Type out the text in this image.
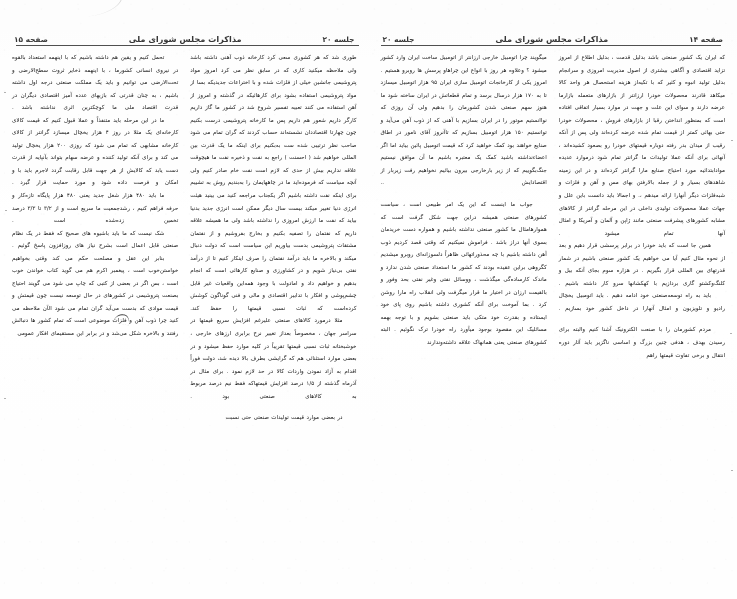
جلسه ۲۰
مذاکرات مجلس شورای ملی
صفحه ۱۵

تحمل کنیم و یقین هم داشته باشیم که با اینهمه استعداد بالقوه در نیروی انسانی کشورما ، با اینهمه ذخایر ثروت سطح‌الارضی و تحت‌الارضی می توانیم و باید یک مملکت صنعتی درجه اول داشته باشیم ، به چنان قدرتی که بازیهای عدده آمیز اقتصادی دیگران در قدرت اقتصاد ملی ما کوچکترین اثری نداشته باشد .

ما در این مرحله باید متنفذاً و عملا قبول کنیم که قیمت کالای کارخانه‌ای یک مثلا در روز ۴ هزار یخچال میسازد گرانتر از کالای کارخانه مشابهی که تمام می شود که روزی ۲۰۰ هزار یخچال تولید می کند و برای آنکه تولید کننده و عرضه سهام بتواند بآنپایه از قدرت دست یابد که کالایش از هر جهت قابل رقابت گردد لاجرم باید با و امکان و فرصت داده شود و مورد حمایت قرار گیرد .

ما باید ۴۸۰ هزار شغل جدید یعنی ۴۸۰ هزار پایگاه تازه‌کار و حرفه فراهم کنیم ، رشدجمعیت ما سریع است و از ۳/۲ تا ۳/۳ درصد تخمین زده‌شده است .

شک نیست که ما باید باشیوه های صحیح که فقط در یک نظام صنعتی قابل اعمال است بشرح نیاز های روزافزون پاسخ گوئیم .

بنابر این عقل و مصلحت حکم می کند وقتی بخواهیم خواستن‌خوب است ، پیغمبر اکرم هم می گوید کتاب خواندن خوب است ، بس اگر در بعضی از کتبی که چاپ می شود می گویند احتیاج بصنعت پتروشیمی در کشورهای در حال توسعه نیست چون قیمتش و قیمت موادی که بدست می‌آید گران تمام می شود الآن ملاحظه می کنید چرا ذوب آهن و فلزات موضوعی است که تمام کشور ها دنبالش رفتند و بالاخره شکل می‌شد و در برابر این مستقیمای افکار عمومی

طوری شد که هر کشوری سعی کرد کارخانه ذوب آهنی داشته باشد ولی ملاحظه میکنید کاری که در سابق نظر می کرد امروز مواد پتروشیمی جانشین خیلی از فلزات شده و با اختراعات جدیدیکه بسا از مواد پتروشیمی استفاده بشود برای کارهائیکه در گذشته و امروز از آهن استفاده می کنند تعبیه تفسیر شروع شد در کشور ما گاز داریم کارگر داریم شعور هم داریم پس ما کارخانه پتروشیمی درست بکنیم چون چهارتا اقتصاددان نشسته‌اند حساب کردند که گران تمام می شود صاحب نظر ترتیبی شده ست به‌بکنیم برای اینکه ما یک قدرت بین المللی خواهیم شد ( احسنت ) راجع به نفت و ذخیره نفت ما هیچوقت علاقه نداریم بیش از حدی که لازم است نفت خام صادر کنیم ولی آنچه سیاست که فرموده‌اید ما در چاههایمان را به‌بندیم روش به تشییم برای اینکه نفت داشته باشیم اگر یکجناب مراجعه کنید می بینید هیئت انرژی دنیا تغییر میکند بیست سال دیگر ممکن است انرژی جدید بدنیا بیاید که نفت ما ارزش امروزی را نداشته باشد ولی ما همیشه علاقه داریم که نفتمان را تصفیه بکنیم و بخارج بفروشیم و از نفتمان مشتقات پتروشیمی بدست بیاوریم این سیاست است که دولت دنبال میکند و بالاخره ما باید درآمد نفتمان را صرف اینکار کنیم تا از درآمد نفتی بی‌نیاز شویم و در کشاورزی و صنایع کارهائی است که انجام بدهیم و خواهیم داد و امادولت با وجود همه‌این واقعیات غیر قابل چشم‌پوشی و افکار با تدابیر اقتصادی و مالی و فنی گوناگون کوشش کرده‌است که ثبات نسبی قیمتها را حفظ کند.

مثلا درمورد کالاهای صنعتی علیرغم افزایش سریع قیمتها در سراسر جهان ، مخصوصاً بعداز تغییر نرخ برابری ارزهای خارجی ، خوشبختانه ثبات نسبی قیمتها تقریباً در کلیه موارد حفظ میشود و در بعضی موارد استثنائی هم که گرایشی بطرف بالا دیده شد، دولت فوراً اقدام به آزاد نمودن واردات کالا در حد لازم نمود . برای مثال در آذرماه گذشته از ۱/۵ درصد افزایش قیمتهاکه فقط نیم درصد مربوط به کالاهای صنعتی بود .

در بعضی موارد قیمت تولیدات صنعتی حتی نسبت

صفحه ۱۴
مذاکرات مجلس شورای ملی
جلسه ۲۰

میگویند چرا اتومبیل خارجی ارزانتر از اتومبیل ساخت ایران وارد کشور میشود ؟ وعلاوه هر روز با انواع این چراهاو پرسش ها روبرو هستیم . امروز یکی از کارخانجات اتومبیل سازی ایران ۹۵ هزار اتومبیل میسازد تا به ۱۷۰ هزار درسال برسد و تمام قطعاتش در ایران ساخته شود ما هنوز سهم صنعتی شدن کشورمان را بدهیم ولی آن روزی که نواانستیم موتور را در ایران بسازیم با آهنی که از ذوب آهن می‌آید و توانستیم ۱۵۰ هزار اتومبیل بسازیم که تاآنروز آقای نامور در اطاق صنایع خواهند بود کمک خواهید کرد که قیمت اتومبیل پائین بیاید اما اگر اعضاءنداشته باشید کمک یک معتبره باشیم ما آن موافق نیستیم جنگ‌بگوییم که از زیر بارخارجی بیرون بیائیم نخواهیم رفت زیربار از اقتصادایش ..

جواب ما اینست که این یک امر طبیعی است ، سیاست کشورهای صنعتی همیشه دراین جهت شکل گرفت است که هموارهامثال ما کشور صنعتی نداشته باشیم و همواره دست خریدمان بسوی آنها دراز باشد . فراموش نمیکنیم که وقتی قصد کردیم ذوب آهن داشته باشیم با چه محذوراتهائی ظاهراً دلسوزانه‌ای روبرو میشدیم کگروهی براین عقیده بودند که کشور ما استعداد صنعتی شدن ندارد و ماندک کارساده‌گی میگذشت ، ووسائل نفتی وغیر نفتی بحد وفور و بالقیمت ارزان در اختیار ما قرار میگرفت ولی انقلاب راه مارا روشن کرد . بما آموخت برای آنکه کشوری داشته باشیم روی پای خود ایستاده و بقدرت خود متکی باید صنعتی بشویم و با توجه بهمه مسائلیک این مقصود بوجود میآورد راه خودرا ترک نگوئیم . البته کشورهای صنعتی یعنی همانهاک علاقه داشته‌وندارند

که ایران یک کشور صنعتی باشد بدلیل قدمت ، بدلیل اطلاع از امروز تزاید اقتصادی و آگاهی بیشتری از اصول مدیریت امروزی و سرانجام بدلیل تولید انبوه و کثیر که با تکیه‌از هزینه استحصال هر واحد کالا میکاهد قادرند محصولات خودرا ارزانتر از بازارهای متعمله بازارما عرضه دارند و سوای این علت و جهت در موارد بسیار اتفاقی افتاده است که بمنظور انداختن رقبا از بازارهای فروش ، محصولات خودرا حتی بهائی کمتر از قیمت تمام شده عرضه کرده‌اند ولی پس از آنکه رقیب از میدان بدر رفته دوباره قیمتهای خودرا رو بصعود کشیده‌اند ، آنهائی برای آنکه عملا تولیدات ما گرانتر تمام شود درموارد عدیده موادابتدائیه مورد احتیاج صنایع مارا گرانتر کرده‌اند و در این زمینه شاهدهای بسیار و از جمله بالارفتن بهای مس و آهن و فلزات و شبه‌فلزات دیگر آنهارا ارائه میدهم ،. و اجمالا باید دانست باین علل و جهات عملا محصولات تولیدی داخلی در این مرحله گرانتر از کالاهای مشابه کشورهای پیشرفت صنعتی مانند ژاپن و آلمان و آمریکا و امثال آنها تمام میشود .

همین جا است که باید خودرا در برابر پرسشی قرار دهیم و بعد از نحوه مثال کنیم آیا می خواهیم یک کشور صنعتی باشیم در شمار قدرتهای بین المللی قرار بگیریم . در هزاره سوم بجای آنکه بیل و کلنگ‌وکشتو گاری بردازیم با کهکشانها سرو کار داشته باشیم .

باید به راه توسعه‌صنعتی خود ادامه دهیم . باید اتومبیل یخچال رادیو و تلویزیون و امثال آنهارا در داخل کشور خود بسازیم .

مردم کشورمان را با صنعت الکترونیک آشنا کنیم والبته برای رسیدن بهدف ، هدفی چنین بزرگ و اساسی ناگزیر باید آثار دوره انتقال و برخی تفاوت قیمتها راهم
